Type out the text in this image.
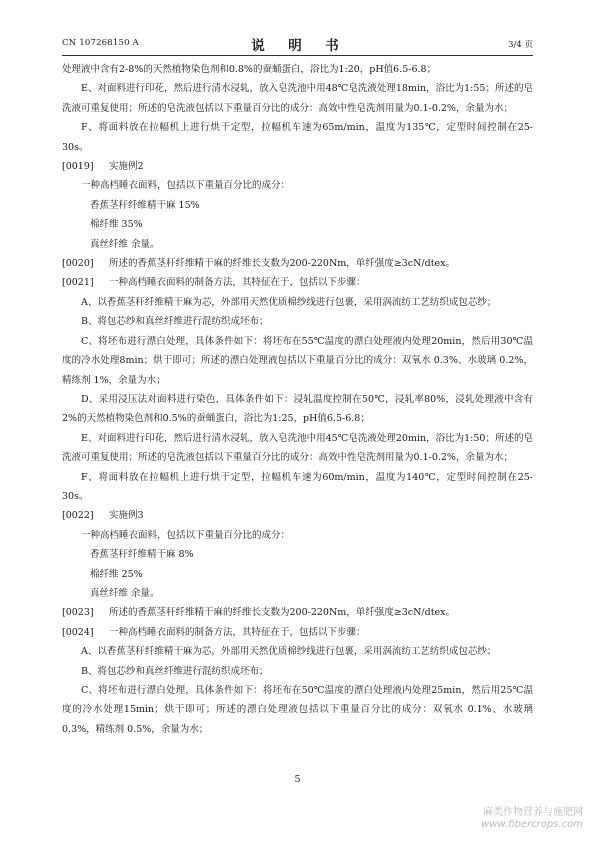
CN 107268150 A	说　明　书	3/4 页

处理液中含有2-8%的天然植物染色剂和0.8%的蚕蛹蛋白，浴比为1:20，pH值6.5-6.8；

E、对面料进行印花，然后进行清水浸轧，放入皂洗池中用48℃皂洗液处理18min，浴比为1:55；所述的皂洗液可重复使用；所述的皂洗液包括以下重量百分比的成分：高效中性皂洗剂用量为0.1-0.2%，余量为水；

F、将面料放在拉幅机上进行烘干定型，拉幅机车速为65m/min，温度为135℃，定型时间控制在25-30s。

[0019] 实施例2

一种高档睡衣面料，包括以下重量百分比的成分：

香蕉茎秆纤维精干麻 15%

棉纤维 35%

真丝纤维 余量。

[0020] 所述的香蕉茎秆纤维精干麻的纤维长支数为200-220Nm，单纤强度≥3cN/dtex。

[0021] 一种高档睡衣面料的制备方法，其特征在于，包括以下步骤：

A、以香蕉茎秆纤维精干麻为芯，外部用天然优质棉纱线进行包裹，采用涡流纺工艺纺织成包芯纱；

B、将包芯纱和真丝纤维进行混纺织成坯布；

C、将坯布进行漂白处理，具体条件如下：将坯布在55℃温度的漂白处理液内处理20min，然后用30℃温度的冷水处理8min；烘干即可；所述的漂白处理液包括以下重量百分比的成分：双氧水 0.3%、水玻璃 0.2%，精练剂 1%，余量为水；

D、采用浸压法对面料进行染色，具体条件如下：浸轧温度控制在50℃，浸轧率80%，浸轧处理液中含有2%的天然植物染色剂和0.5%的蚕蛹蛋白，浴比为1:25，pH值6.5-6.8；

E、对面料进行印花，然后进行清水浸轧，放入皂洗池中用45℃皂洗液处理20min，浴比为1:50；所述的皂洗液可重复使用；所述的皂洗液包括以下重量百分比的成分：高效中性皂洗剂用量为0.1-0.2%，余量为水；

F、将面料放在拉幅机上进行烘干定型，拉幅机车速为60m/min，温度为140℃，定型时间控制在25-30s。

[0022] 实施例3

一种高档睡衣面料，包括以下重量百分比的成分：

香蕉茎秆纤维精干麻 8%

棉纤维 25%

真丝纤维 余量。

[0023] 所述的香蕉茎秆纤维精干麻的纤维长支数为200-220Nm，单纤强度≥3cN/dtex。

[0024] 一种高档睡衣面料的制备方法，其特征在于，包括以下步骤：

A、以香蕉茎秆纤维精干麻为芯，外部用天然优质棉纱线进行包裹，采用涡流纺工艺纺织成包芯纱；

B、将包芯纱和真丝纤维进行混纺织成坯布；

C、将坯布进行漂白处理，具体条件如下：将坯布在50℃温度的漂白处理液内处理25min，然后用25℃温度的冷水处理15min；烘干即可；所述的漂白处理液包括以下重量百分比的成分：双氧水 0.1%、水玻璃 0.3%，精练剂 0.5%，余量为水；

5
麻类作物营养与施肥网
www.fibercrops.com
